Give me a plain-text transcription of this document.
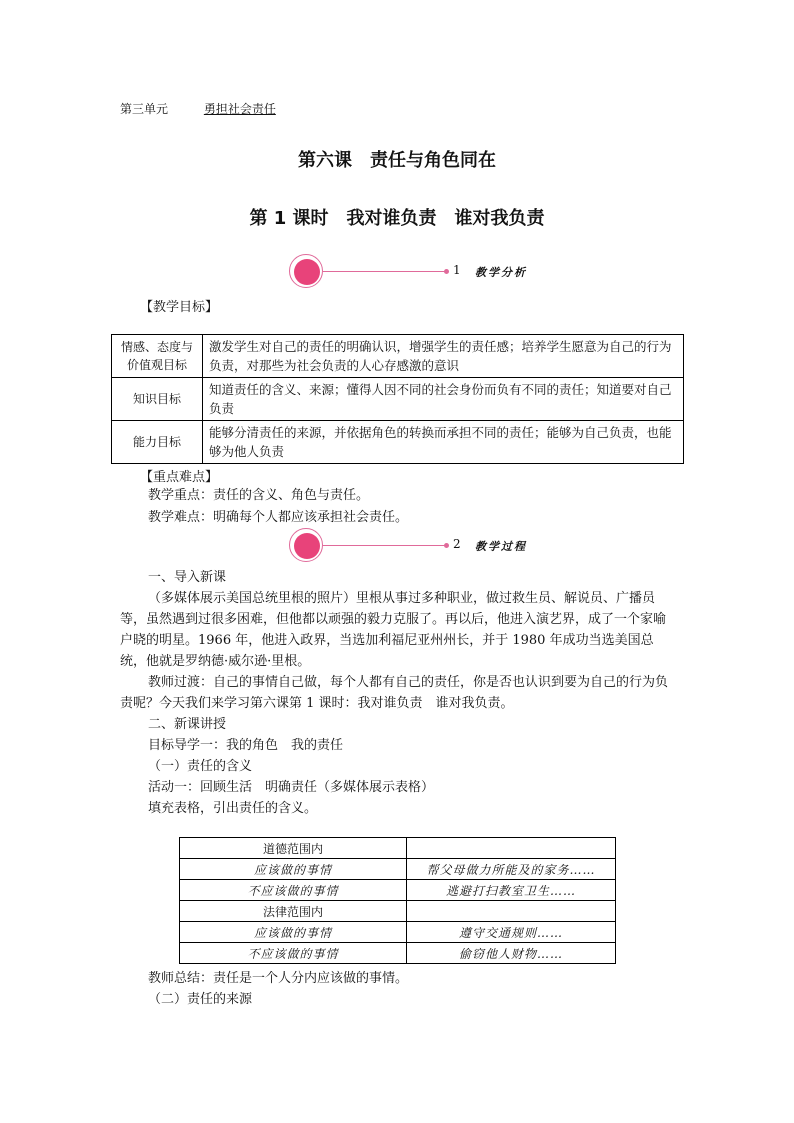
第三单元	勇担社会责任
第六课　责任与角色同在
第 1 课时　我对谁负责　谁对我负责
1 教学分析
【教学目标】
情感、态度与价值观目标	激发学生对自己的责任的明确认识，增强学生的责任感；培养学生愿意为自己的行为负责，对那些为社会负责的人心存感激的意识
知识目标	知道责任的含义、来源；懂得人因不同的社会身份而负有不同的责任；知道要对自己负责
能力目标	能够分清责任的来源，并依据角色的转换而承担不同的责任；能够为自己负责，也能够为他人负责
【重点难点】
教学重点：责任的含义、角色与责任。
教学难点：明确每个人都应该承担社会责任。
2 教学过程
一、导入新课
（多媒体展示美国总统里根的照片）里根从事过多种职业，做过救生员、解说员、广播员等，虽然遇到过很多困难，但他都以顽强的毅力克服了。再以后，他进入演艺界，成了一个家喻户晓的明星。1966 年，他进入政界，当选加利福尼亚州州长，并于 1980 年成功当选美国总统，他就是罗纳德·威尔逊·里根。
教师过渡：自己的事情自己做，每个人都有自己的责任，你是否也认识到要为自己的行为负责呢？今天我们来学习第六课第 1 课时：我对谁负责　谁对我负责。
二、新课讲授
目标导学一：我的角色　我的责任
（一）责任的含义
活动一：回顾生活　明确责任（多媒体展示表格）
填充表格，引出责任的含义。
道德范围内	
应该做的事情	帮父母做力所能及的家务……
不应该做的事情	逃避打扫教室卫生……
法律范围内	
应该做的事情	遵守交通规则……
不应该做的事情	偷窃他人财物……
教师总结：责任是一个人分内应该做的事情。
（二）责任的来源
